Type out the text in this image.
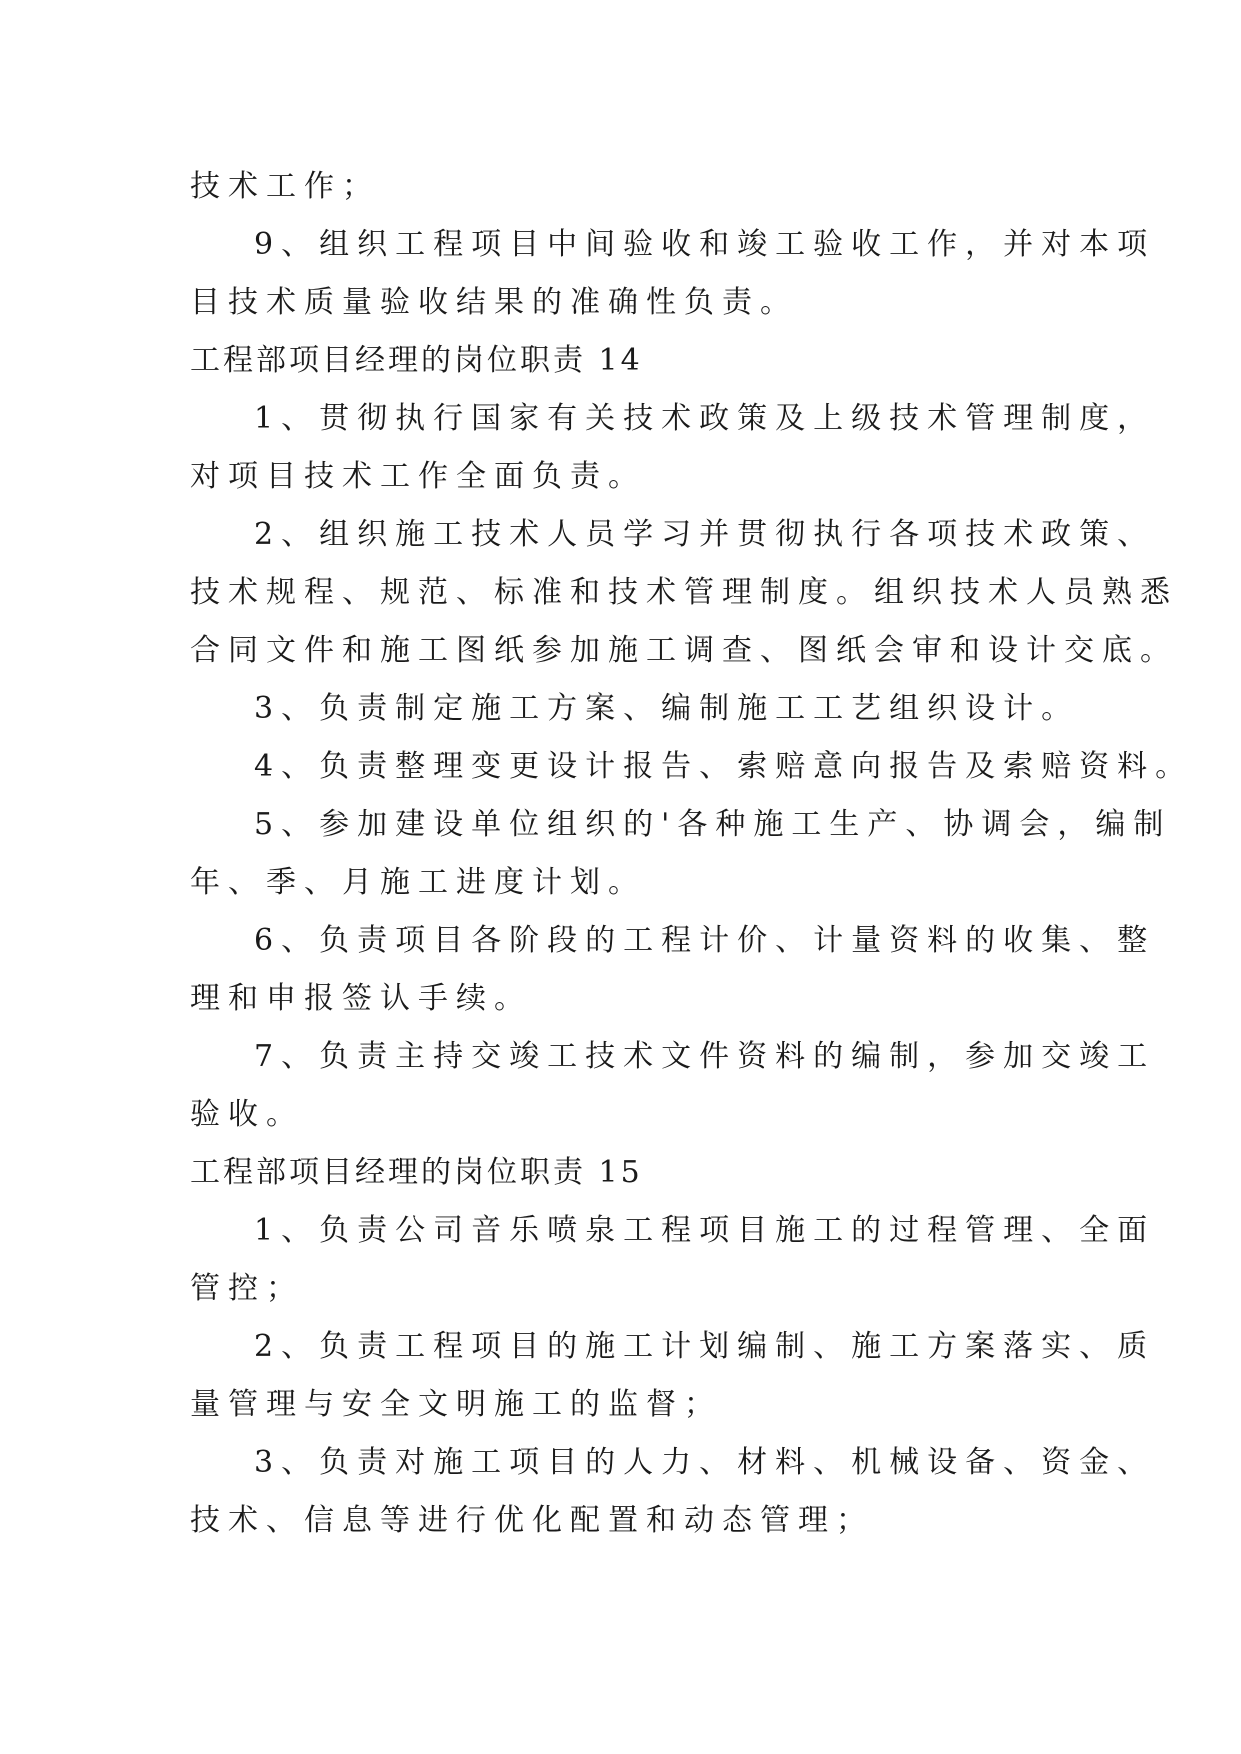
技术工作；
9、组织工程项目中间验收和竣工验收工作，并对本项
目技术质量验收结果的准确性负责。
工程部项目经理的岗位职责 14
1、贯彻执行国家有关技术政策及上级技术管理制度，
对项目技术工作全面负责。
2、组织施工技术人员学习并贯彻执行各项技术政策、
技术规程、规范、标准和技术管理制度。组织技术人员熟悉
合同文件和施工图纸参加施工调查、图纸会审和设计交底。
3、负责制定施工方案、编制施工工艺组织设计。
4、负责整理变更设计报告、索赔意向报告及索赔资料。
5、参加建设单位组织的'各种施工生产、协调会，编制
年、季、月施工进度计划。
6、负责项目各阶段的工程计价、计量资料的收集、整
理和申报签认手续。
7、负责主持交竣工技术文件资料的编制，参加交竣工
验收。
工程部项目经理的岗位职责 15
1、负责公司音乐喷泉工程项目施工的过程管理、全面
管控；
2、负责工程项目的施工计划编制、施工方案落实、质
量管理与安全文明施工的监督；
3、负责对施工项目的人力、材料、机械设备、资金、
技术、信息等进行优化配置和动态管理；
